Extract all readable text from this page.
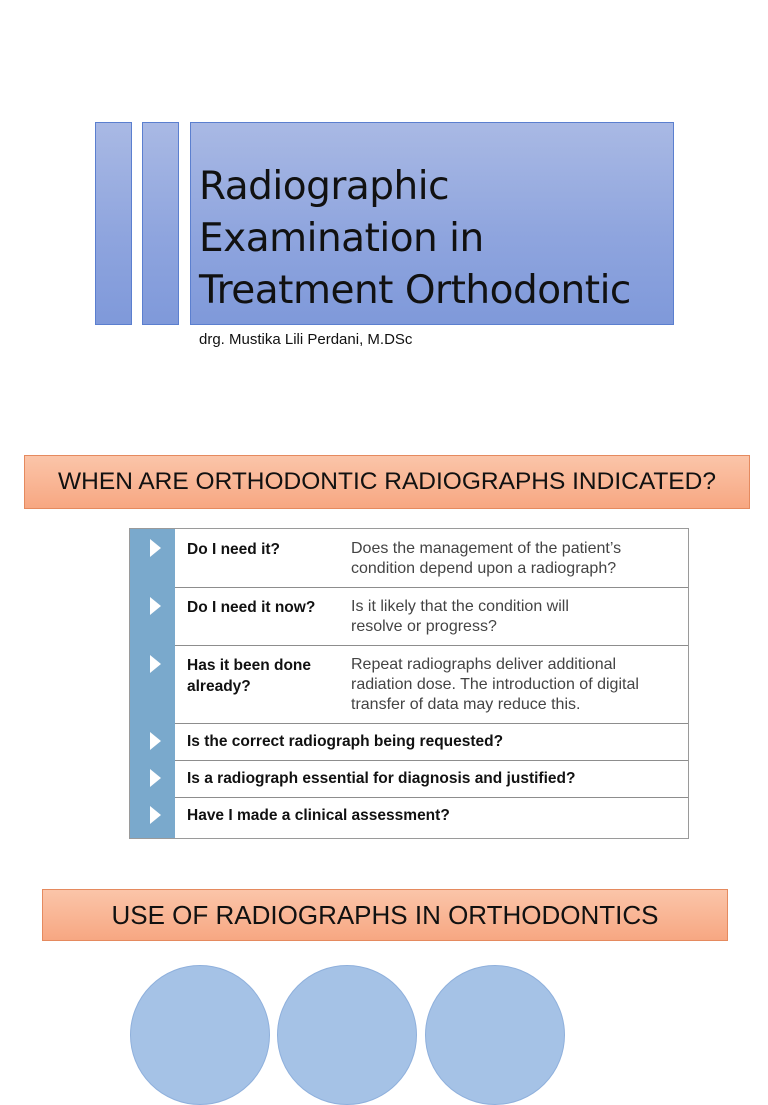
Radiographic
Examination in
Treatment Orthodontic
drg. Mustika Lili Perdani, M.DSc
WHEN ARE ORTHODONTIC RADIOGRAPHS INDICATED?
Do I need it?	Does the management of the patient’s condition depend upon a radiograph?
Do I need it now? Is it likely that the condition will resolve or progress?
Has it been done already?
Repeat radiographs deliver additional radiation dose. The introduction of digital transfer of data may reduce this.
Is the correct radiograph being requested?
Is a radiograph essential for diagnosis and justified?
Have I made a clinical assessment?
USE OF RADIOGRAPHS IN ORTHODONTICS
